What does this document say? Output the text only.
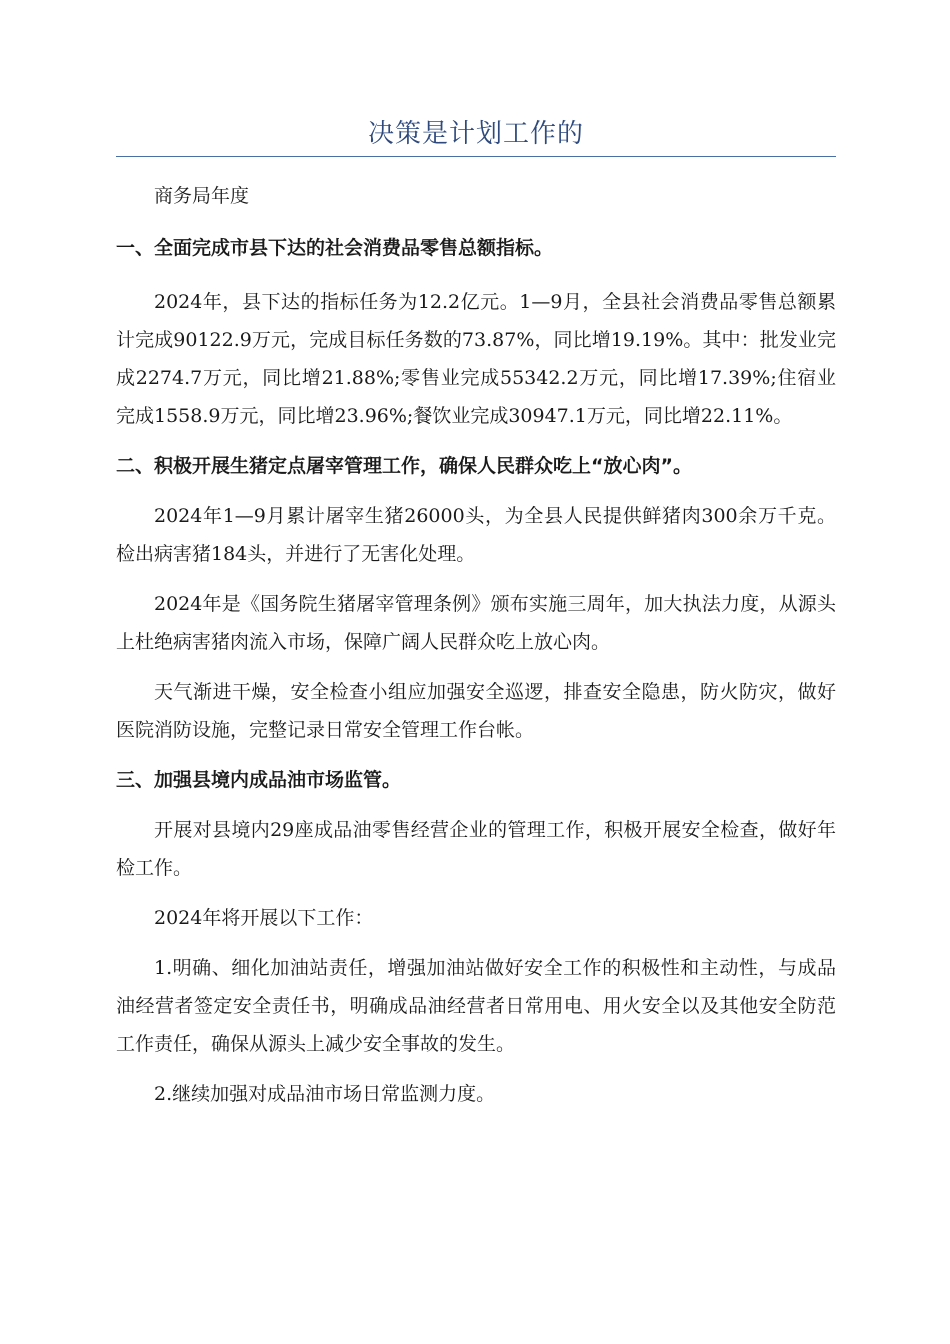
决策是计划工作的

商务局年度

一、全面完成市县下达的社会消费品零售总额指标。

2024年，县下达的指标任务为12.2亿元。1—9月，全县社会消费品零售总额累计完成90122.9万元，完成目标任务数的73.87%，同比增19.19%。其中：批发业完成2274.7万元，同比增21.88%;零售业完成55342.2万元，同比增17.39%;住宿业完成1558.9万元，同比增23.96%;餐饮业完成30947.1万元，同比增22.11%。

二、积极开展生猪定点屠宰管理工作，确保人民群众吃上“放心肉”。

2024年1—9月累计屠宰生猪26000头，为全县人民提供鲜猪肉300余万千克。检出病害猪184头，并进行了无害化处理。

2024年是《国务院生猪屠宰管理条例》颁布实施三周年，加大执法力度，从源头上杜绝病害猪肉流入市场，保障广阔人民群众吃上放心肉。

天气渐进干燥，安全检查小组应加强安全巡逻，排查安全隐患，防火防灾，做好医院消防设施，完整记录日常安全管理工作台帐。

三、加强县境内成品油市场监管。

开展对县境内29座成品油零售经营企业的管理工作，积极开展安全检查，做好年检工作。

2024年将开展以下工作：

1.明确、细化加油站责任，增强加油站做好安全工作的积极性和主动性，与成品油经营者签定安全责任书，明确成品油经营者日常用电、用火安全以及其他安全防范工作责任，确保从源头上减少安全事故的发生。

2.继续加强对成品油市场日常监测力度。
